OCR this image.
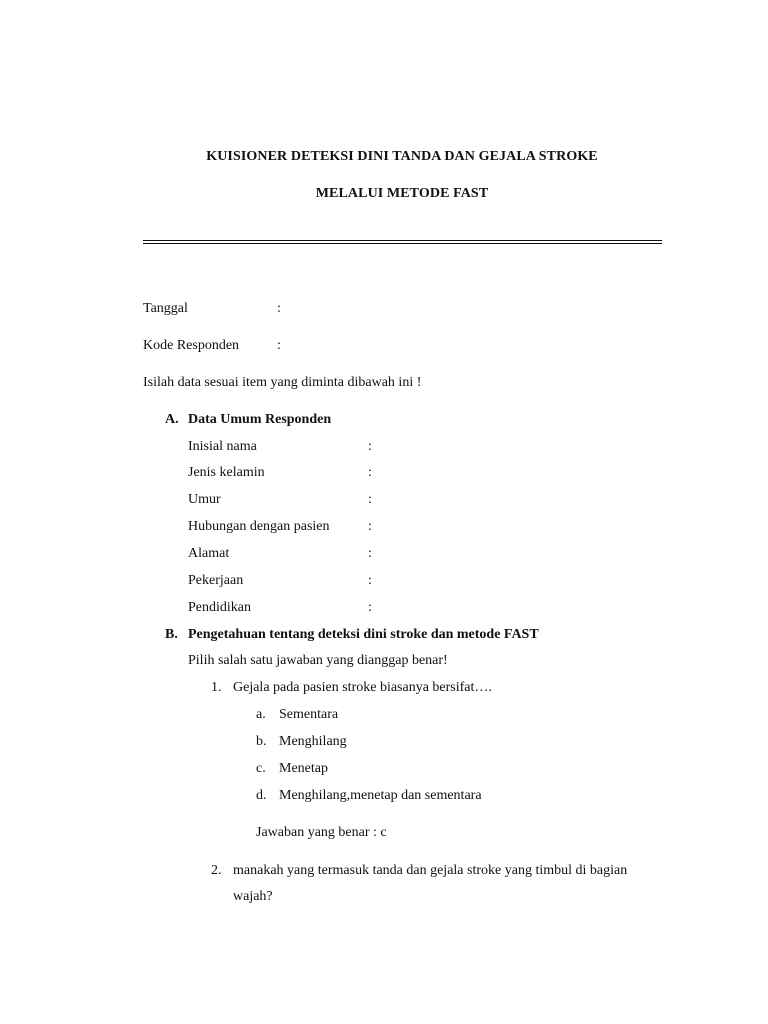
KUISIONER DETEKSI DINI TANDA DAN GEJALA STROKE
MELALUI METODE FAST
Tanggal	:
Kode Responden	:
Isilah data sesuai item yang diminta dibawah ini !
A. Data Umum Responden
Inisial nama	:
Jenis kelamin	:
Umur	:
Hubungan dengan pasien	:
Alamat	:
Pekerjaan	:
Pendidikan	:
B. Pengetahuan tentang deteksi dini stroke dan metode FAST
Pilih salah satu jawaban yang dianggap benar!
1. Gejala pada pasien stroke biasanya bersifat….
a. Sementara
b. Menghilang
c. Menetap
d. Menghilang,menetap dan sementara
Jawaban yang benar : c
2. manakah yang termasuk tanda dan gejala stroke yang timbul di bagian
wajah?
